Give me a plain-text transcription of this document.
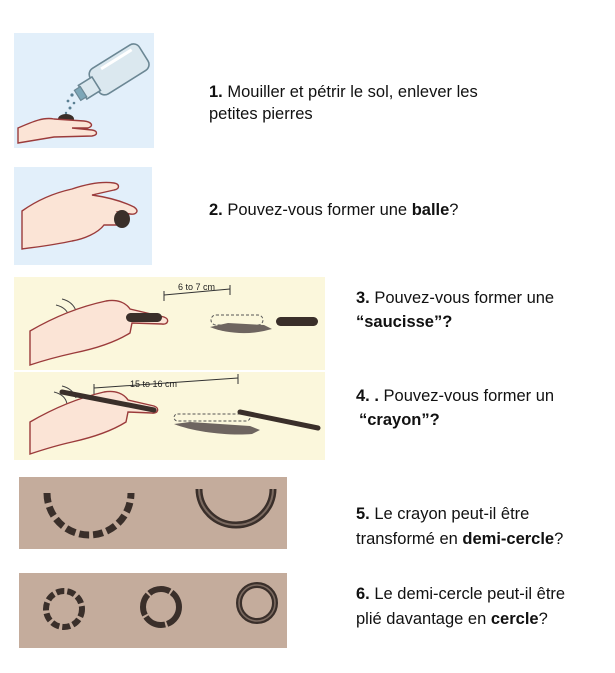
6 to 7 cm
15 to 16 cm
1. Mouiller et pétrir le sol, enlever les
petites pierres
2. Pouvez-vous former une balle?
3. Pouvez-vous former une
“saucisse”?
4. . Pouvez-vous former un
“crayon”?
5. Le crayon peut-il être
transformé en demi-cercle?
6. Le demi-cercle peut-il être
plié davantage en cercle?
